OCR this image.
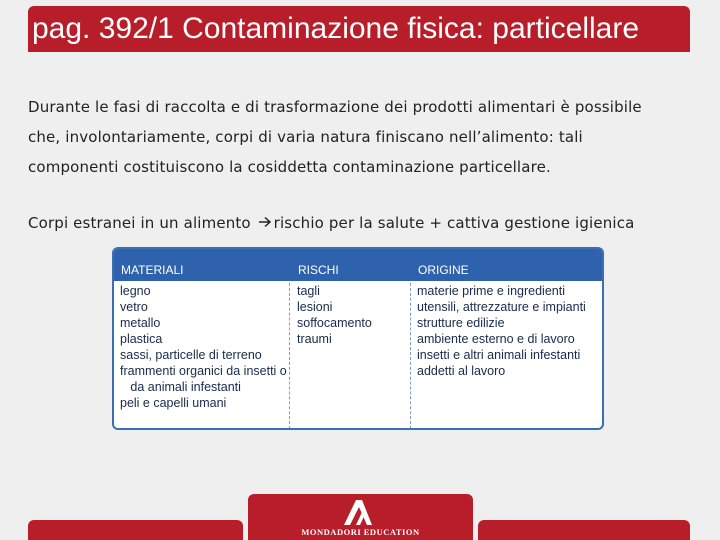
pag. 392/1 Contaminazione fisica: particellare
Durante le fasi di raccolta e di trasformazione dei prodotti alimentari è possibile
che, involontariamente, corpi di varia natura finiscano nell’alimento: tali
componenti costituiscono la cosiddetta contaminazione particellare.
Corpi estranei in un alimento rischio per la salute + cattiva gestione igienica
MATERIALI	RISCHI	ORIGINE
legno
vetro
metallo
plastica
sassi, particelle di terreno
frammenti organici da insetti o
da animali infestanti
peli e capelli umani
tagli
lesioni
soffocamento
traumi
materie prime e ingredienti
utensili, attrezzature e impianti
strutture edilizie
ambiente esterno e di lavoro
insetti e altri animali infestanti
addetti al lavoro
MONDADORI EDUCATION
